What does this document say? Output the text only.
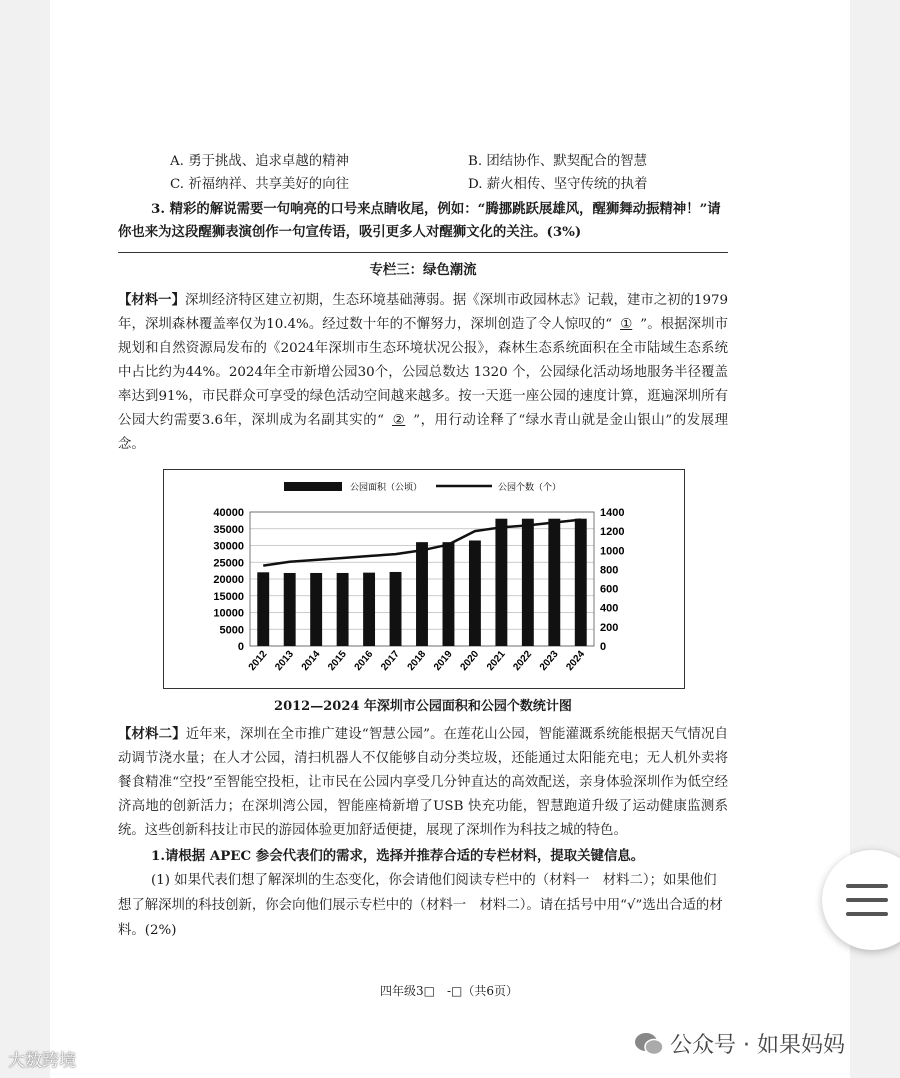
A. 勇于挑战、追求卓越的精神	B. 团结协作、默契配合的智慧
C. 祈福纳祥、共享美好的向往	D. 薪火相传、坚守传统的执着
3. 精彩的解说需要一句响亮的口号来点睛收尾，例如：“腾挪跳跃展雄风，醒狮舞动振精神！”请你也来为这段醒狮表演创作一句宣传语，吸引更多人对醒狮文化的关注。(3%)
专栏三：绿色潮流
【材料一】深圳经济特区建立初期，生态环境基础薄弱。据《深圳市政园林志》记载，建市之初的1979年，深圳森林覆盖率仅为10.4%。经过数十年的不懈努力，深圳创造了令人惊叹的“ ① ”。根据深圳市规划和自然资源局发布的《2024年深圳市生态环境状况公报》，森林生态系统面积在全市陆域生态系统中占比约为44%。2024年全市新增公园30个，公园总数达 1320 个，公园绿化活动场地服务半径覆盖率达到91%，市民群众可享受的绿色活动空间越来越多。按一天逛一座公园的速度计算，逛遍深圳所有公园大约需要3.6年，深圳成为名副其实的“ ② ”，用行动诠释了“绿水青山就是金山银山”的发展理念。
公园面积（公顷）	公园个数（个）
40000
35000
30000
25000
20000
15000
10000
5000
0
1400
1200
1000
800
600
400
200
0
2012 2013 2014 2015 2016 2017 2018 2019 2020 2021 2022 2023 2024
2012—2024 年深圳市公园面积和公园个数统计图
【材料二】近年来，深圳在全市推广建设“智慧公园”。在莲花山公园，智能灌溉系统能根据天气情况自动调节浇水量；在人才公园，清扫机器人不仅能够自动分类垃圾，还能通过太阳能充电；无人机外卖将餐食精准“空投”至智能空投柜，让市民在公园内享受几分钟直达的高效配送，亲身体验深圳作为低空经济高地的创新活力；在深圳湾公园，智能座椅新增了USB 快充功能，智慧跑道升级了运动健康监测系统。这些创新科技让市民的游园体验更加舒适便捷，展现了深圳作为科技之城的特色。
1.请根据 APEC 参会代表们的需求，选择并推荐合适的专栏材料，提取关键信息。
(1) 如果代表们想了解深圳的生态变化，你会请他们阅读专栏中的（材料一　材料二）；如果他们想了解深圳的科技创新，你会向他们展示专栏中的（材料一　材料二）。请在括号中用“√”选出合适的材料。(2%)
四年级3□　-□（共6页）
公众号 · 如果妈妈
大数跨境
